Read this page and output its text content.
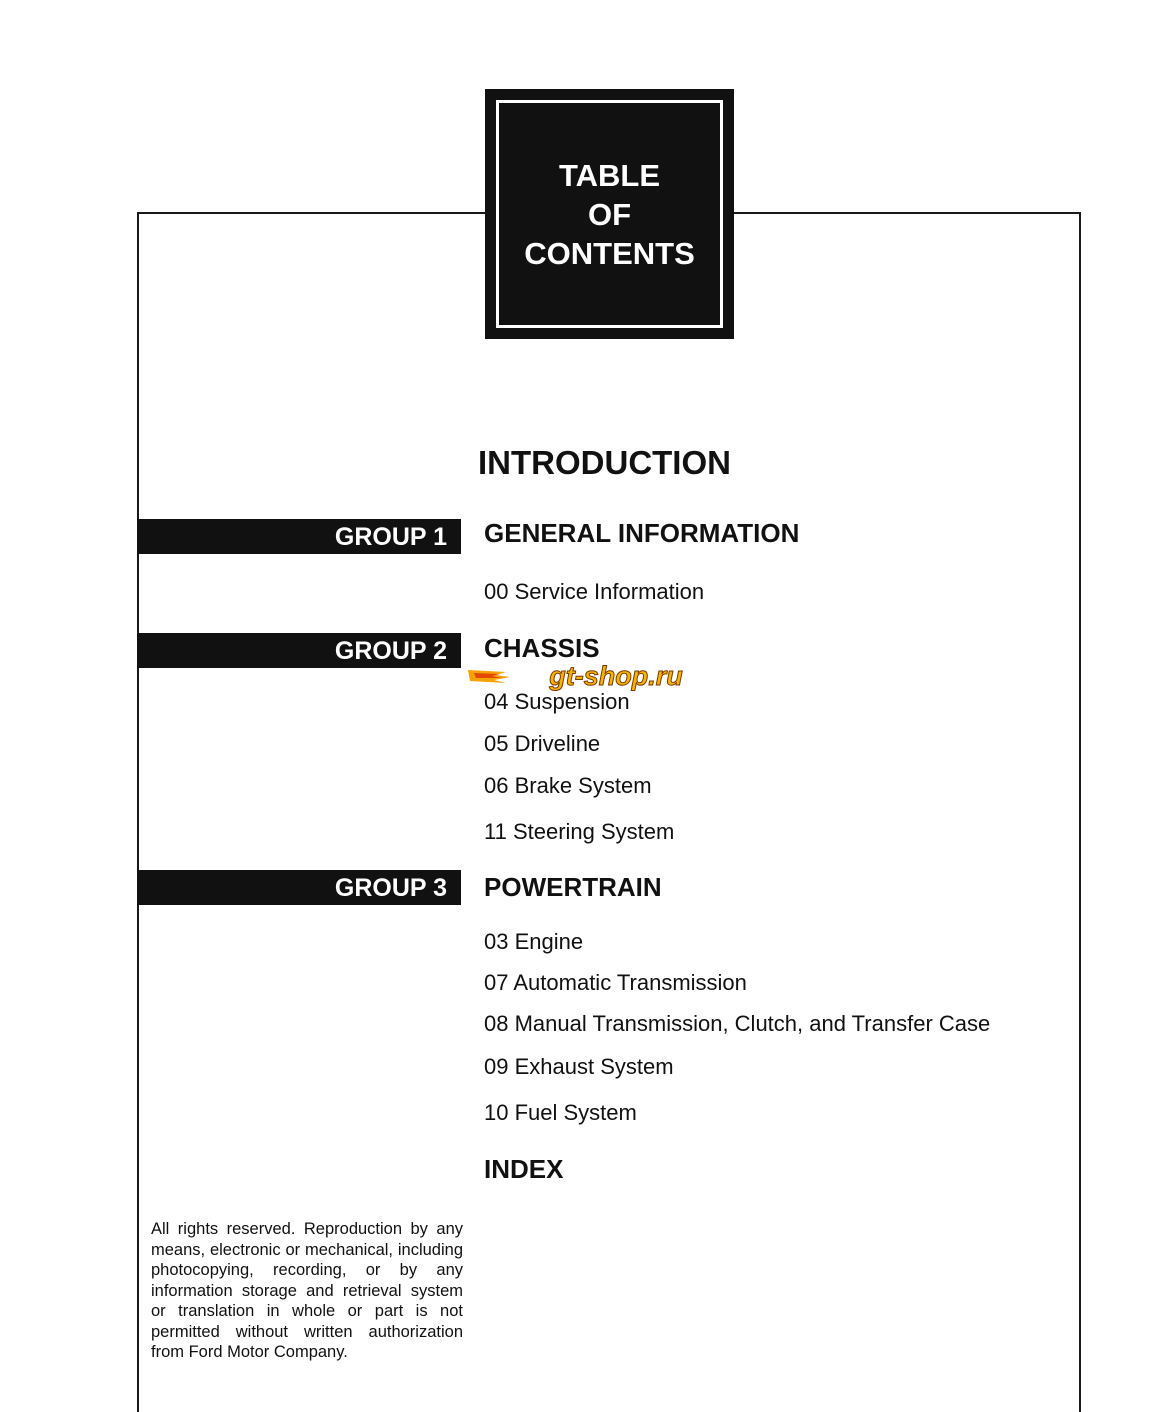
TABLE
OF
CONTENTS
INTRODUCTION
GROUP 1	GENERAL INFORMATION
00 Service Information
GROUP 2	CHASSIS
04 Suspension
05 Driveline
06 Brake System
11 Steering System
gt-shop.ru
GROUP 3	POWERTRAIN
03 Engine
07 Automatic Transmission
08 Manual Transmission, Clutch, and Transfer Case
09 Exhaust System
10 Fuel System
INDEX
All rights reserved. Reproduction by any means, electronic or mechanical, including photocopying, recording, or by any information storage and retrieval system or translation in whole or part is not permitted without written authorization from Ford Motor Company.
